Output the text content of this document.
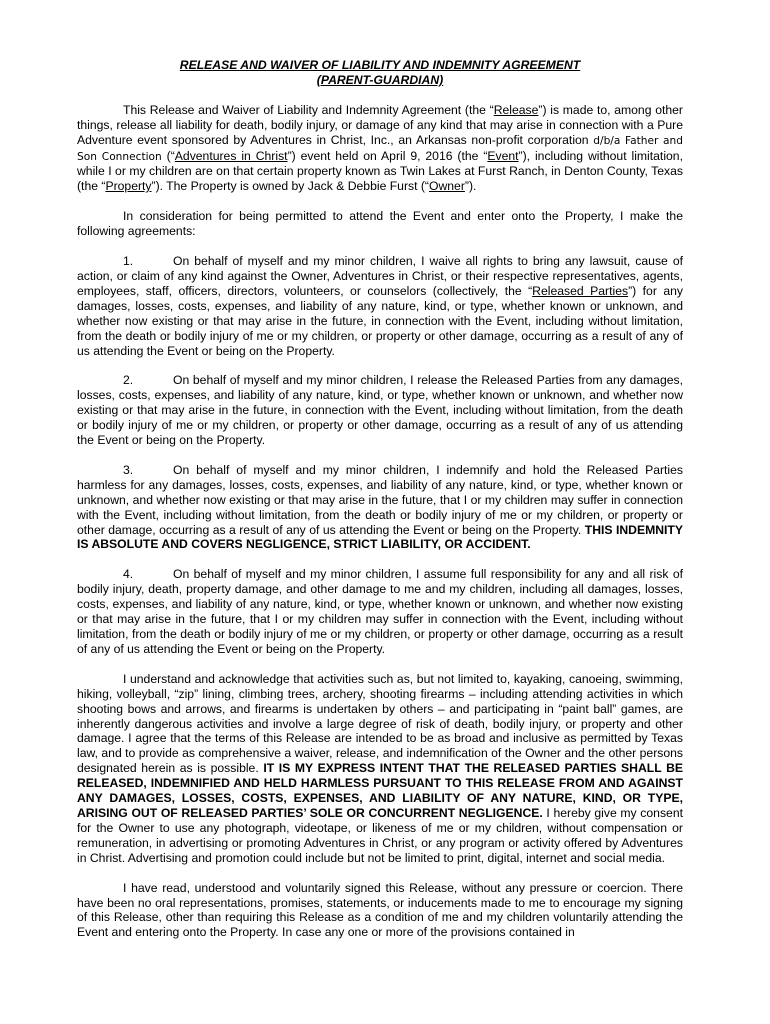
RELEASE AND WAIVER OF LIABILITY AND INDEMNITY AGREEMENT
(PARENT-GUARDIAN)

This Release and Waiver of Liability and Indemnity Agreement (the “Release”) is made to, among other things, release all liability for death, bodily injury, or damage of any kind that may arise in connection with a Pure Adventure event sponsored by Adventures in Christ, Inc., an Arkansas non-profit corporation d/b/a Father and Son Connection (“Adventures in Christ”) event held on April 9, 2016 (the “Event”), including without limitation, while I or my children are on that certain property known as Twin Lakes at Furst Ranch, in Denton County, Texas (the “Property”). The Property is owned by Jack & Debbie Furst (“Owner”).

In consideration for being permitted to attend the Event and enter onto the Property, I make the following agreements:

1.	On behalf of myself and my minor children, I waive all rights to bring any lawsuit, cause of action, or claim of any kind against the Owner, Adventures in Christ, or their respective representatives, agents, employees, staff, officers, directors, volunteers, or counselors (collectively, the “Released Parties”) for any damages, losses, costs, expenses, and liability of any nature, kind, or type, whether known or unknown, and whether now existing or that may arise in the future, in connection with the Event, including without limitation, from the death or bodily injury of me or my children, or property or other damage, occurring as a result of any of us attending the Event or being on the Property.

2.	On behalf of myself and my minor children, I release the Released Parties from any damages, losses, costs, expenses, and liability of any nature, kind, or type, whether known or unknown, and whether now existing or that may arise in the future, in connection with the Event, including without limitation, from the death or bodily injury of me or my children, or property or other damage, occurring as a result of any of us attending the Event or being on the Property.

3.	On behalf of myself and my minor children, I indemnify and hold the Released Parties harmless for any damages, losses, costs, expenses, and liability of any nature, kind, or type, whether known or unknown, and whether now existing or that may arise in the future, that I or my children may suffer in connection with the Event, including without limitation, from the death or bodily injury of me or my children, or property or other damage, occurring as a result of any of us attending the Event or being on the Property. THIS INDEMNITY IS ABSOLUTE AND COVERS NEGLIGENCE, STRICT LIABILITY, OR ACCIDENT.

4.	On behalf of myself and my minor children, I assume full responsibility for any and all risk of bodily injury, death, property damage, and other damage to me and my children, including all damages, losses, costs, expenses, and liability of any nature, kind, or type, whether known or unknown, and whether now existing or that may arise in the future, that I or my children may suffer in connection with the Event, including without limitation, from the death or bodily injury of me or my children, or property or other damage, occurring as a result of any of us attending the Event or being on the Property.

I understand and acknowledge that activities such as, but not limited to, kayaking, canoeing, swimming, hiking, volleyball, “zip” lining, climbing trees, archery, shooting firearms – including attending activities in which shooting bows and arrows, and firearms is undertaken by others – and participating in “paint ball” games, are inherently dangerous activities and involve a large degree of risk of death, bodily injury, or property and other damage. I agree that the terms of this Release are intended to be as broad and inclusive as permitted by Texas law, and to provide as comprehensive a waiver, release, and indemnification of the Owner and the other persons designated herein as is possible. IT IS MY EXPRESS INTENT THAT THE RELEASED PARTIES SHALL BE RELEASED, INDEMNIFIED AND HELD HARMLESS PURSUANT TO THIS RELEASE FROM AND AGAINST ANY DAMAGES, LOSSES, COSTS, EXPENSES, AND LIABILITY OF ANY NATURE, KIND, OR TYPE, ARISING OUT OF RELEASED PARTIES’ SOLE OR CONCURRENT NEGLIGENCE. I hereby give my consent for the Owner to use any photograph, videotape, or likeness of me or my children, without compensation or remuneration, in advertising or promoting Adventures in Christ, or any program or activity offered by Adventures in Christ. Advertising and promotion could include but not be limited to print, digital, internet and social media.

I have read, understood and voluntarily signed this Release, without any pressure or coercion. There have been no oral representations, promises, statements, or inducements made to me to encourage my signing of this Release, other than requiring this Release as a condition of me and my children voluntarily attending the Event and entering onto the Property. In case any one or more of the provisions contained in
